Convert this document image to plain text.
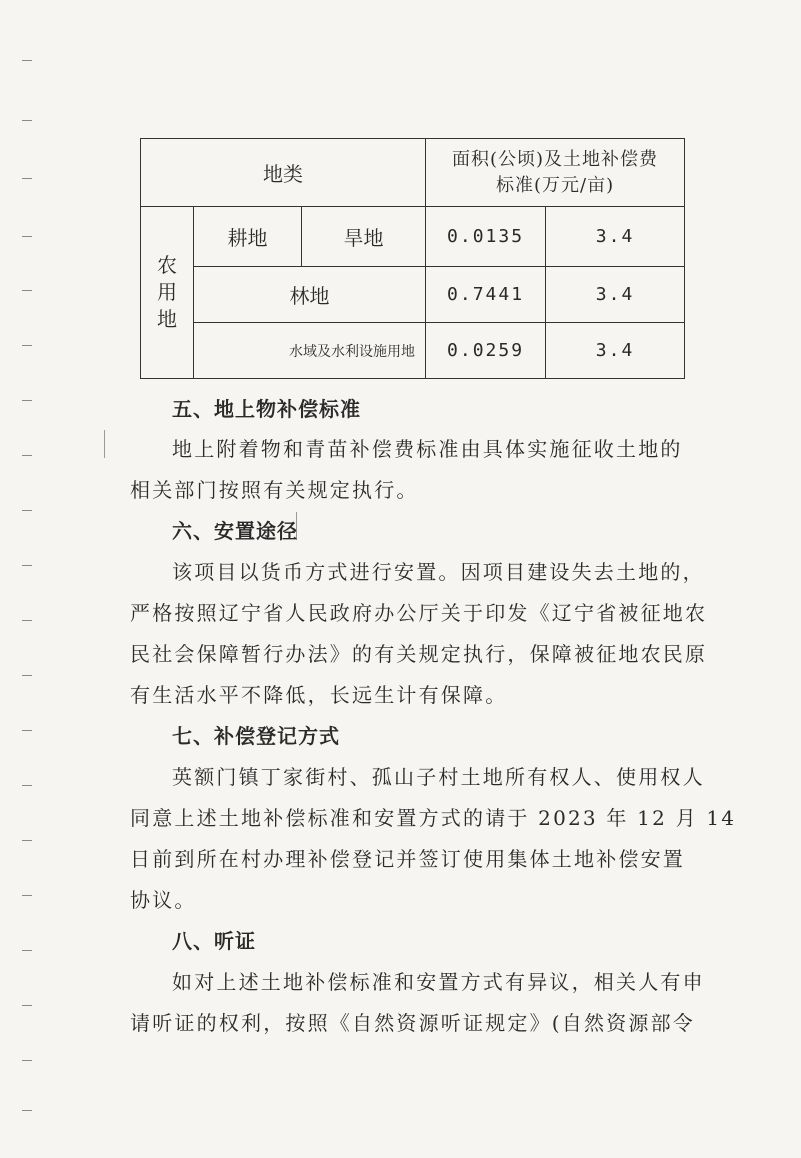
地类			面积(公顷)及土地补偿费
标准(万元/亩)	

农
用
地	耕地	旱地	0.0135	3.4
	林地		0.7441	3.4
	水域及水利设施用地		0.0259	3.4
五、地上物补偿标准
地上附着物和青苗补偿费标准由具体实施征收土地的
相关部门按照有关规定执行。
六、安置途径
该项目以货币方式进行安置。因项目建设失去土地的，
严格按照辽宁省人民政府办公厅关于印发《辽宁省被征地农
民社会保障暂行办法》的有关规定执行，保障被征地农民原
有生活水平不降低，长远生计有保障。
七、补偿登记方式
英额门镇丁家街村、孤山子村土地所有权人、使用权人
同意上述土地补偿标准和安置方式的请于 2023 年 12 月 14
日前到所在村办理补偿登记并签订使用集体土地补偿安置
协议。
八、听证
如对上述土地补偿标准和安置方式有异议，相关人有申
请听证的权利，按照《自然资源听证规定》(自然资源部令
